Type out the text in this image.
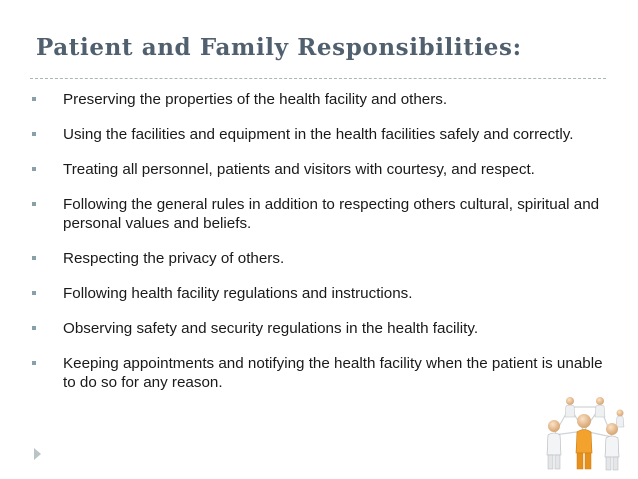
Patient and Family Responsibilities:
Preserving the properties of the health facility and others.
Using the facilities and equipment in the health facilities safely and correctly.
Treating all personnel, patients and visitors with courtesy, and respect.
Following the general rules in addition to respecting others cultural, spiritual and personal values and beliefs.
Respecting the privacy of others.
Following health facility regulations and instructions.
Observing safety and security regulations in the health facility.
Keeping appointments and notifying the health facility when the patient is unable to do so for any reason.
